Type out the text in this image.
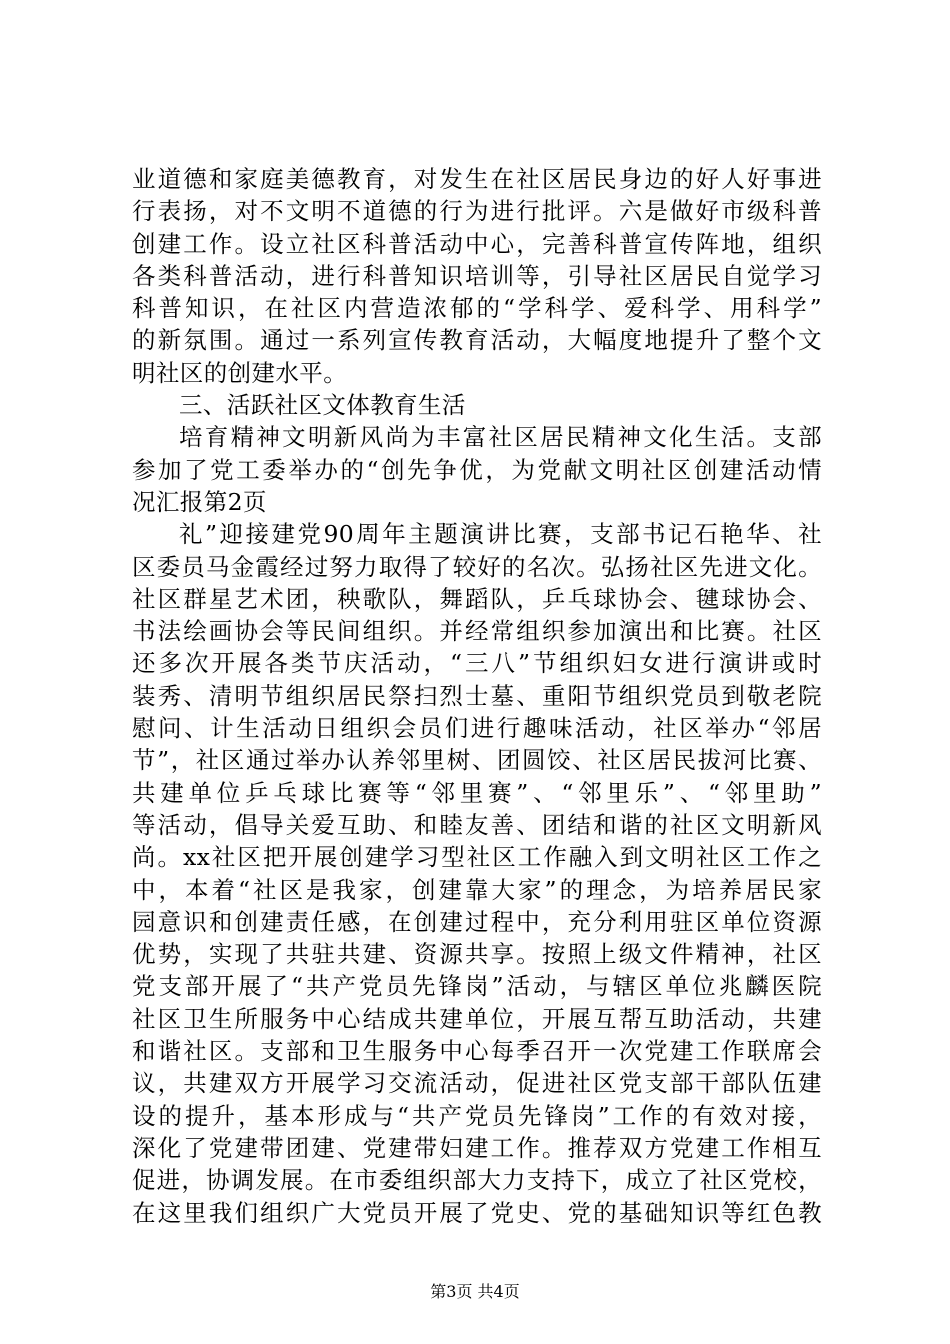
业道德和家庭美德教育，对发生在社区居民身边的好人好事进
行表扬，对不文明不道德的行为进行批评。六是做好市级科普
创建工作。设立社区科普活动中心，完善科普宣传阵地，组织
各类科普活动，进行科普知识培训等，引导社区居民自觉学习
科普知识，在社区内营造浓郁的“学科学、爱科学、用科学”
的新氛围。通过一系列宣传教育活动，大幅度地提升了整个文
明社区的创建水平。
三、活跃社区文体教育生活
培育精神文明新风尚为丰富社区居民精神文化生活。支部
参加了党工委举办的“创先争优，为党献文明社区创建活动情
况汇报第2页
礼”迎接建党90周年主题演讲比赛，支部书记石艳华、社
区委员马金霞经过努力取得了较好的名次。弘扬社区先进文化。
社区群星艺术团，秧歌队，舞蹈队，乒乓球协会、毽球协会、
书法绘画协会等民间组织。并经常组织参加演出和比赛。社区
还多次开展各类节庆活动，“三八”节组织妇女进行演讲或时
装秀、清明节组织居民祭扫烈士墓、重阳节组织党员到敬老院
慰问、计生活动日组织会员们进行趣味活动，社区举办“邻居
节”，社区通过举办认养邻里树、团圆饺、社区居民拔河比赛、
共建单位乒乓球比赛等“邻里赛”、“邻里乐”、“邻里助”
等活动，倡导关爱互助、和睦友善、团结和谐的社区文明新风
尚。xx社区把开展创建学习型社区工作融入到文明社区工作之
中，本着“社区是我家，创建靠大家”的理念，为培养居民家
园意识和创建责任感，在创建过程中，充分利用驻区单位资源
优势，实现了共驻共建、资源共享。按照上级文件精神，社区
党支部开展了“共产党员先锋岗”活动，与辖区单位兆麟医院
社区卫生所服务中心结成共建单位，开展互帮互助活动，共建
和谐社区。支部和卫生服务中心每季召开一次党建工作联席会
议，共建双方开展学习交流活动，促进社区党支部干部队伍建
设的提升，基本形成与“共产党员先锋岗”工作的有效对接，
深化了党建带团建、党建带妇建工作。推荐双方党建工作相互
促进，协调发展。在市委组织部大力支持下，成立了社区党校，
在这里我们组织广大党员开展了党史、党的基础知识等红色教
第3页 共4页
